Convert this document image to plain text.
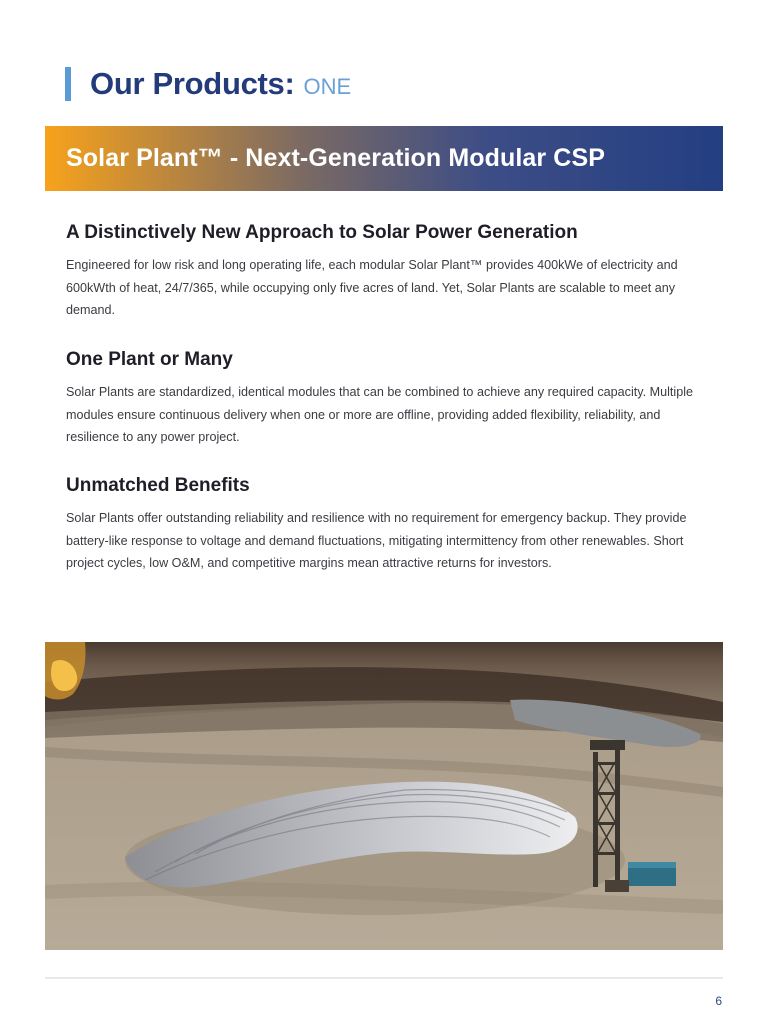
Our Products: ONE
Solar Plant™ - Next-Generation Modular CSP
A Distinctively New Approach to Solar Power Generation

Engineered for low risk and long operating life, each modular Solar Plant™ provides 400kWe of electricity and 600kWth of heat, 24/7/365, while occupying only five acres of land. Yet, Solar Plants are scalable to meet any demand.

One Plant or Many

Solar Plants are standardized, identical modules that can be combined to achieve any required capacity. Multiple modules ensure continuous delivery when one or more are offline, providing added flexibility, reliability, and resilience to any power project.

Unmatched Benefits

Solar Plants offer outstanding reliability and resilience with no requirement for emergency backup. They provide battery-like response to voltage and demand fluctuations, mitigating intermittency from other renewables. Short project cycles, low O&M, and competitive margins mean attractive returns for investors.

6
